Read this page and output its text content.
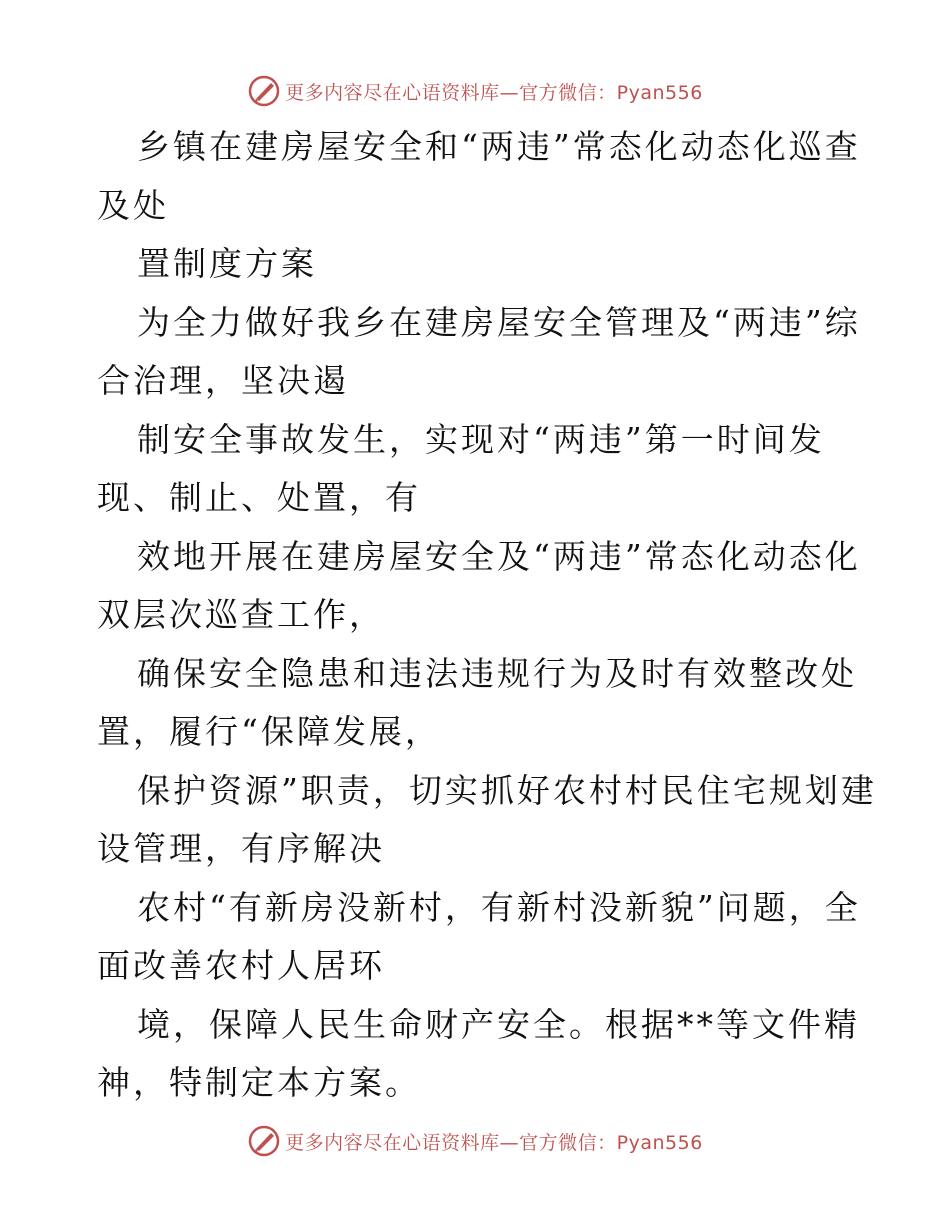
更多内容尽在心语资料库—官方微信：Pyan556
乡镇在建房屋安全和“两违”常态化动态化巡查
及处
置制度方案
为全力做好我乡在建房屋安全管理及“两违”综
合治理，坚决遏
制安全事故发生，实现对“两违”第一时间发
现、制止、处置，有
效地开展在建房屋安全及“两违”常态化动态化
双层次巡查工作，
确保安全隐患和违法违规行为及时有效整改处
置，履行“保障发展，
保护资源”职责，切实抓好农村村民住宅规划建
设管理，有序解决
农村“有新房没新村，有新村没新貌”问题，全
面改善农村人居环
境，保障人民生命财产安全。根据**等文件精
神，特制定本方案。
更多内容尽在心语资料库—官方微信：Pyan556
